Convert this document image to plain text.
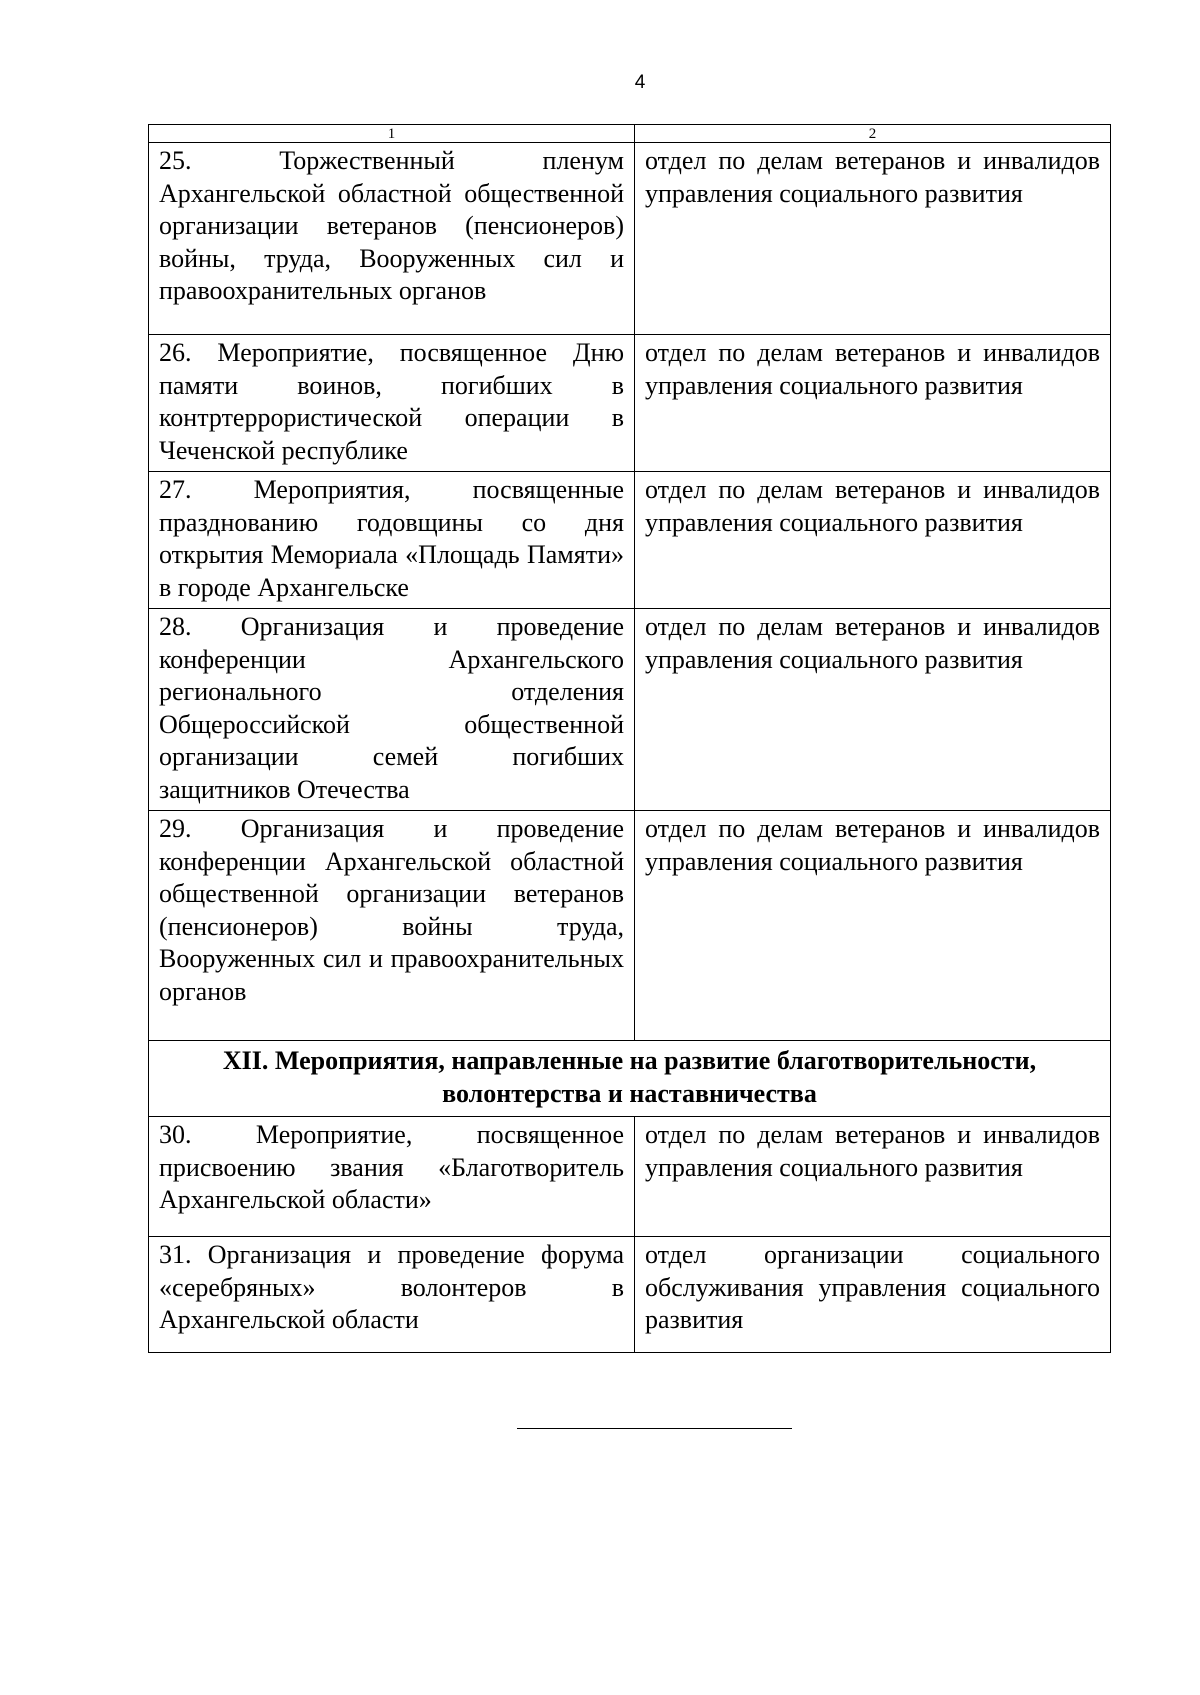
4
1	2
25. Торжественный пленум Архангельской областной общественной организации ветеранов (пенсионеров) войны, труда, Вооруженных сил и правоохранительных органов	отдел по делам ветеранов и инвалидов управления социального развития
26. Мероприятие, посвященное Дню памяти воинов, погибших в контртеррористической операции в Чеченской республике	отдел по делам ветеранов и инвалидов управления социального развития
27. Мероприятия, посвященные празднованию годовщины со дня открытия Мемориала «Площадь Памяти» в городе Архангельске	отдел по делам ветеранов и инвалидов управления социального развития
28. Организация и проведение конференции Архангельского регионального отделения Общероссийской общественной организации семей погибших защитников Отечества	отдел по делам ветеранов и инвалидов управления социального развития
29. Организация и проведение конференции Архангельской областной общественной организации ветеранов (пенсионеров) войны труда, Вооруженных сил и правоохранительных органов	отдел по делам ветеранов и инвалидов управления социального развития
XII. Мероприятия, направленные на развитие благотворительности, волонтерства и наставничества	
30. Мероприятие, посвященное присвоению звания «Благотворитель Архангельской области»	отдел по делам ветеранов и инвалидов управления социального развития
31. Организация и проведение форума «серебряных» волонтеров в Архангельской области	отдел организации социального обслуживания управления социального развития
